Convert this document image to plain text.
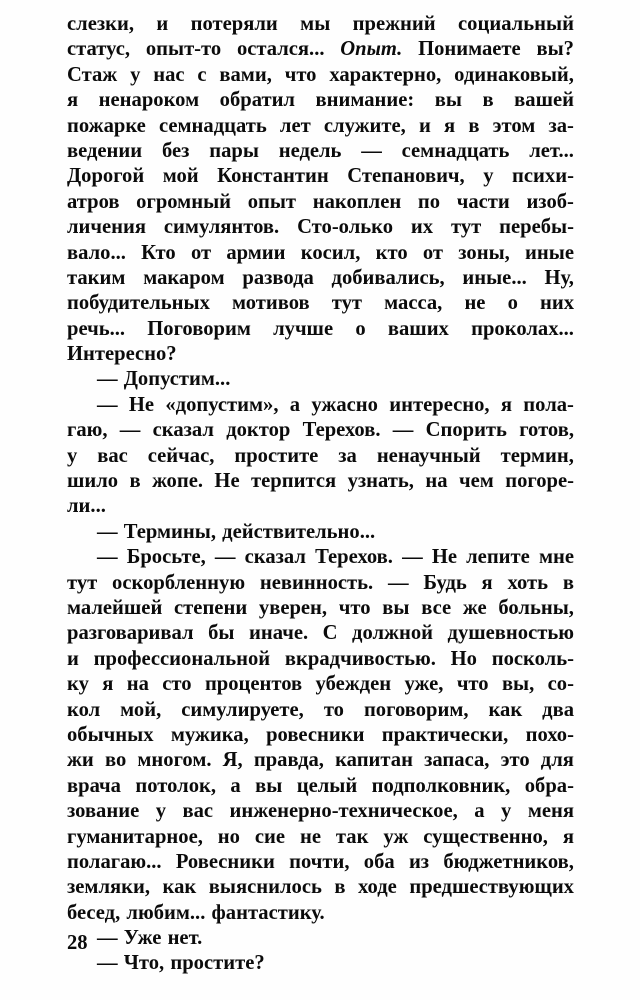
слезки, и потеряли мы прежний социальный
статус, опыт-то остался... Опыт. Понимаете вы?
Стаж у нас с вами, что характерно, одинаковый,
я ненароком обратил внимание: вы в вашей
пожарке семнадцать лет служите, и я в этом за-
ведении без пары недель — семнадцать лет...
Дорогой мой Константин Степанович, у психи-
атров огромный опыт накоплен по части изоб-
личения симулянтов. Сто-олько их тут перебы-
вало... Кто от армии косил, кто от зоны, иные
таким макаром развода добивались, иные... Ну,
побудительных мотивов тут масса, не о них
речь... Поговорим лучше о ваших проколах...
Интересно?
— Допустим...
— Не «допустим», а ужасно интересно, я пола-
гаю, — сказал доктор Терехов. — Спорить готов,
у вас сейчас, простите за ненаучный термин,
шило в жопе. Не терпится узнать, на чем погоре-
ли...
— Термины, действительно...
— Бросьте, — сказал Терехов. — Не лепите мне
тут оскорбленную невинность. — Будь я хоть в
малейшей степени уверен, что вы все же больны,
разговаривал бы иначе. С должной душевностью
и профессиональной вкрадчивостью. Но посколь-
ку я на сто процентов убежден уже, что вы, со-
кол мой, симулируете, то поговорим, как два
обычных мужика, ровесники практически, похо-
жи во многом. Я, правда, капитан запаса, это для
врача потолок, а вы целый подполковник, обра-
зование у вас инженерно-техническое, а у меня
гуманитарное, но сие не так уж существенно, я
полагаю... Ровесники почти, оба из бюджетников,
земляки, как выяснилось в ходе предшествующих
бесед, любим... фантастику.
— Уже нет.
— Что, простите?
28
